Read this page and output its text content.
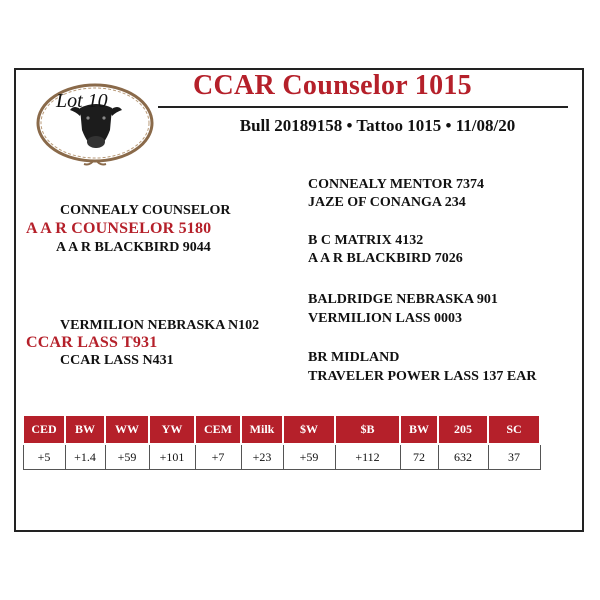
Lot 10	CCAR Counselor 1015
Bull 20189158 • Tattoo 1015 • 11/08/20
CONNEALY COUNSELOR
A A R COUNSELOR 5180
A A R BLACKBIRD 9044
VERMILION NEBRASKA N102
CCAR LASS T931
CCAR LASS N431
CONNEALY MENTOR 7374
JAZE OF CONANGA 234
B C MATRIX 4132
A A R BLACKBIRD 7026
BALDRIDGE NEBRASKA 901
VERMILION LASS 0003
BR MIDLAND
TRAVELER POWER LASS 137 EAR
CED	BW	WW	YW	CEM	Milk	$W	$B	BW	205	SC
+5	+1.4	+59	+101	+7	+23	+59	+112	72	632	37
